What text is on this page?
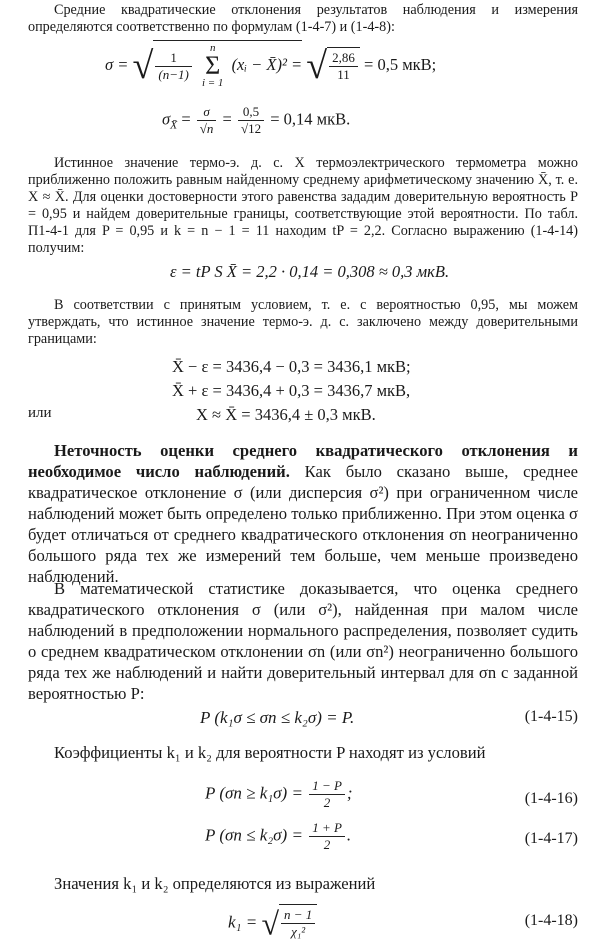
Средние квадратические отклонения результатов наблюдения и измерения определяются соответственно по формулам (1-4-7) и (1-4-8):

σ = √ $\frac{1}{(n-1)}$

n
Σ
i = 1
(xᵢ − X̄)² = √ $\frac{2,86}{11} = 0,5$ мкВ;
$\sigma_{X̄} = \frac{\sigma}{√n} = \frac{0,5}{√12} = 0,14$ мкВ.

Истинное значение термо-э. д. с. X термоэлектрического термометра можно приближенно положить равным найденному среднему арифметическому значению X̄, т. е. X ≈ X̄. Для оценки достоверности этого равенства зададим доверительную вероятность P = 0,95 и найдем доверительные границы, соответствующие этой вероятности. По табл. П1-4-1 для P = 0,95 и k = n − 1 = 11 находим tP = 2,2. Согласно выражению (1-4-14) получим:

ε = tP S X̄ = 2,2 · 0,14 = 0,308 ≈ 0,3 мкВ.

В соответствии с принятым условием, т. е. с вероятностью 0,95, мы можем утверждать, что истинное значение термо-э. д. с. заключено между доверительными границами:

X̄ − ε = 3436,4 − 0,3 = 3436,1 мкВ;
X̄ + ε = 3436,4 + 0,3 = 3436,7 мкВ,
или	X ≈ X̄ = 3436,4 ± 0,3 мкВ.

Неточность оценки среднего квадратического отклонения и необходимое число наблюдений. Как было сказано выше, среднее квадратическое отклонение σ (или дисперсия σ²) при ограниченном числе наблюдений может быть определено только приближенно. При этом оценка σ будет отличаться от среднего квадратического отклонения σn неограниченно большого ряда тех же измерений тем больше, чем меньше произведено наблюдений.

В математической статистике доказывается, что оценка среднего квадратического отклонения σ (или σ²), найденная при малом числе наблюдений в предположении нормального распределения, позволяет судить о среднем квадратическом отклонении σn (или σn²) неограниченно большого ряда тех же наблюдений и найти доверительный интервал для σn с заданной вероятностью P:

P (k₁σ ≤ σn ≤ k₂σ) = P.	(1-4-15)

Коэффициенты k₁ и k₂ для вероятности P находят из условий

P $(\sigma n \ge k_1\sigma) = \frac{1 - P}{2}$ ;	(1-4-16)
P $(\sigma n \le k_2\sigma) = \frac{1 + P}{2}$ .	(1-4-17)

Значения k₁ и k₂ определяются из выражений

k₁ = √ $\frac{n - 1}{\text{χ₁²}}$	(1-4-18)
